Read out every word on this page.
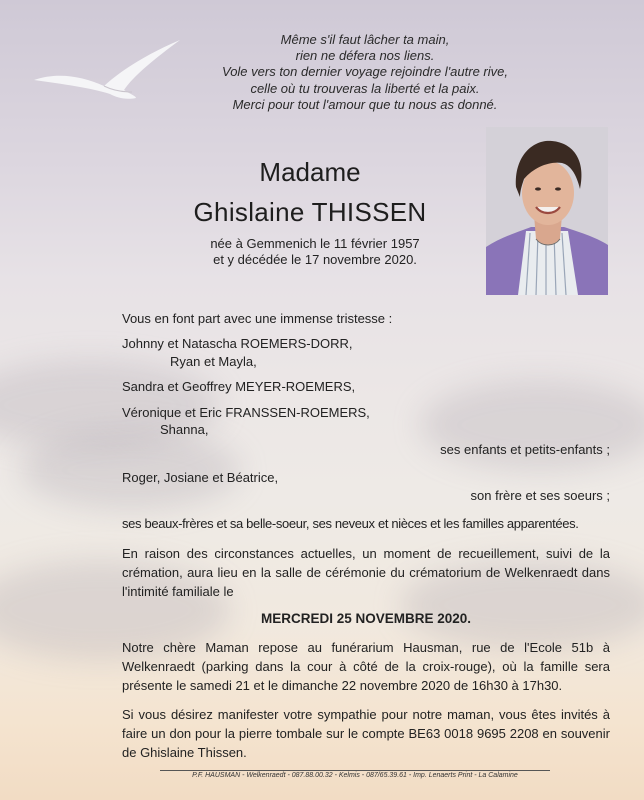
Même s'il faut lâcher ta main,
rien ne défera nos liens.
Vole vers ton dernier voyage rejoindre l'autre rive,
celle où tu trouveras la liberté et la paix.
Merci pour tout l'amour que tu nous as donné.
Madame
Ghislaine THISSEN
née à Gemmenich le 11 février 1957
et y décédée le 17 novembre 2020.
Vous en font part avec une immense tristesse :
Johnny et Natascha ROEMERS-DORR,
Ryan et Mayla,
Sandra et Geoffrey MEYER-ROEMERS,
Véronique et Eric FRANSSEN-ROEMERS,
Shanna,
ses enfants et petits-enfants ;
Roger, Josiane et Béatrice,
son frère et ses soeurs ;
ses beaux-frères et sa belle-soeur, ses neveux et nièces et les familles apparentées.
En raison des circonstances actuelles, un moment de recueillement, suivi de la crémation, aura lieu en la salle de cérémonie du crématorium de Welkenraedt dans l'intimité familiale le
MERCREDI 25 NOVEMBRE 2020.
Notre chère Maman repose au funérarium Hausman, rue de l'Ecole 51b à Welkenraedt (parking dans la cour à côté de la croix-rouge), où la famille sera présente le samedi 21 et le dimanche 22 novembre 2020 de 16h30 à 17h30.
Si vous désirez manifester votre sympathie pour notre maman, vous êtes invités à faire un don pour la pierre tombale sur le compte BE63 0018 9695 2208 en souvenir de Ghislaine Thissen.
P.F. HAUSMAN - Welkenraedt - 087.88.00.32 - Kelmis - 087/65.39.61 - Imp. Lenaerts Print - La Calamine
